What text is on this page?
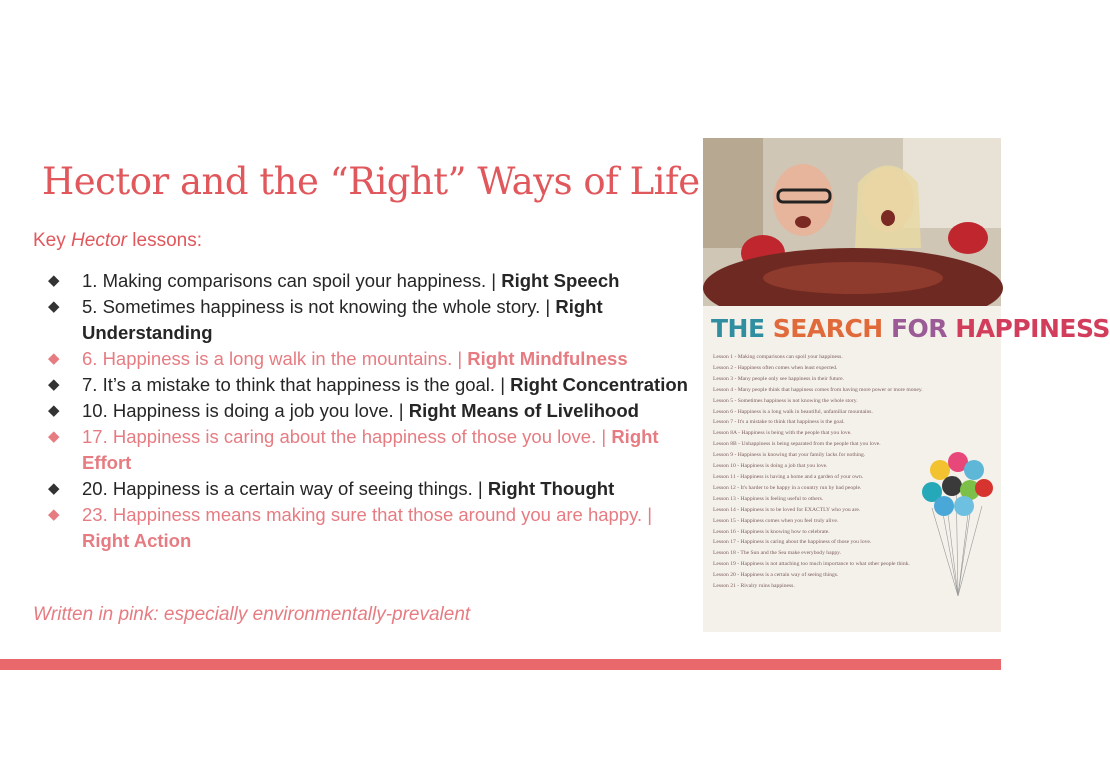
Hector and the “Right” Ways of Life
Key Hector lessons:
◆ 1. Making comparisons can spoil your happiness. | Right Speech
◆ 5. Sometimes happiness is not knowing the whole story. | Right Understanding
◆ 6. Happiness is a long walk in the mountains. | Right Mindfulness
◆ 7. It’s a mistake to think that happiness is the goal. | Right Concentration
◆ 10. Happiness is doing a job you love. | Right Means of Livelihood
◆ 17. Happiness is caring about the happiness of those you love. | Right Effort
◆ 20. Happiness is a certain way of seeing things. | Right Thought
◆ 23. Happiness means making sure that those around you are happy. | Right Action
Written in pink: especially environmentally-prevalent
THE SEARCH FOR HAPPINESS
Lesson 1 - Making comparisons can spoil your happiness.
Lesson 2 - Happiness often comes when least expected.
Lesson 3 - Many people only see happiness in their future.
Lesson 4 - Many people think that happiness comes from having more power or more money.
Lesson 5 - Sometimes happiness is not knowing the whole story.
Lesson 6 - Happiness is a long walk in beautiful, unfamiliar mountains.
Lesson 7 - It's a mistake to think that happiness is the goal.
Lesson 8A - Happiness is being with the people that you love.
Lesson 8B - Unhappiness is being separated from the people that you love.
Lesson 9 - Happiness is knowing that your family lacks for nothing.
Lesson 10 - Happiness is doing a job that you love.
Lesson 11 - Happiness is having a home and a garden of your own.
Lesson 12 - It's harder to be happy in a country run by bad people.
Lesson 13 - Happiness is feeling useful to others.
Lesson 14 - Happiness is to be loved for EXACTLY who you are.
Lesson 15 - Happiness comes when you feel truly alive.
Lesson 16 - Happiness is knowing how to celebrate.
Lesson 17 - Happiness is caring about the happiness of those you love.
Lesson 18 - The Sun and the Sea make everybody happy.
Lesson 19 - Happiness is not attaching too much importance to what other people think.
Lesson 20 - Happiness is a certain way of seeing things.
Lesson 21 - Rivalry ruins happiness.
